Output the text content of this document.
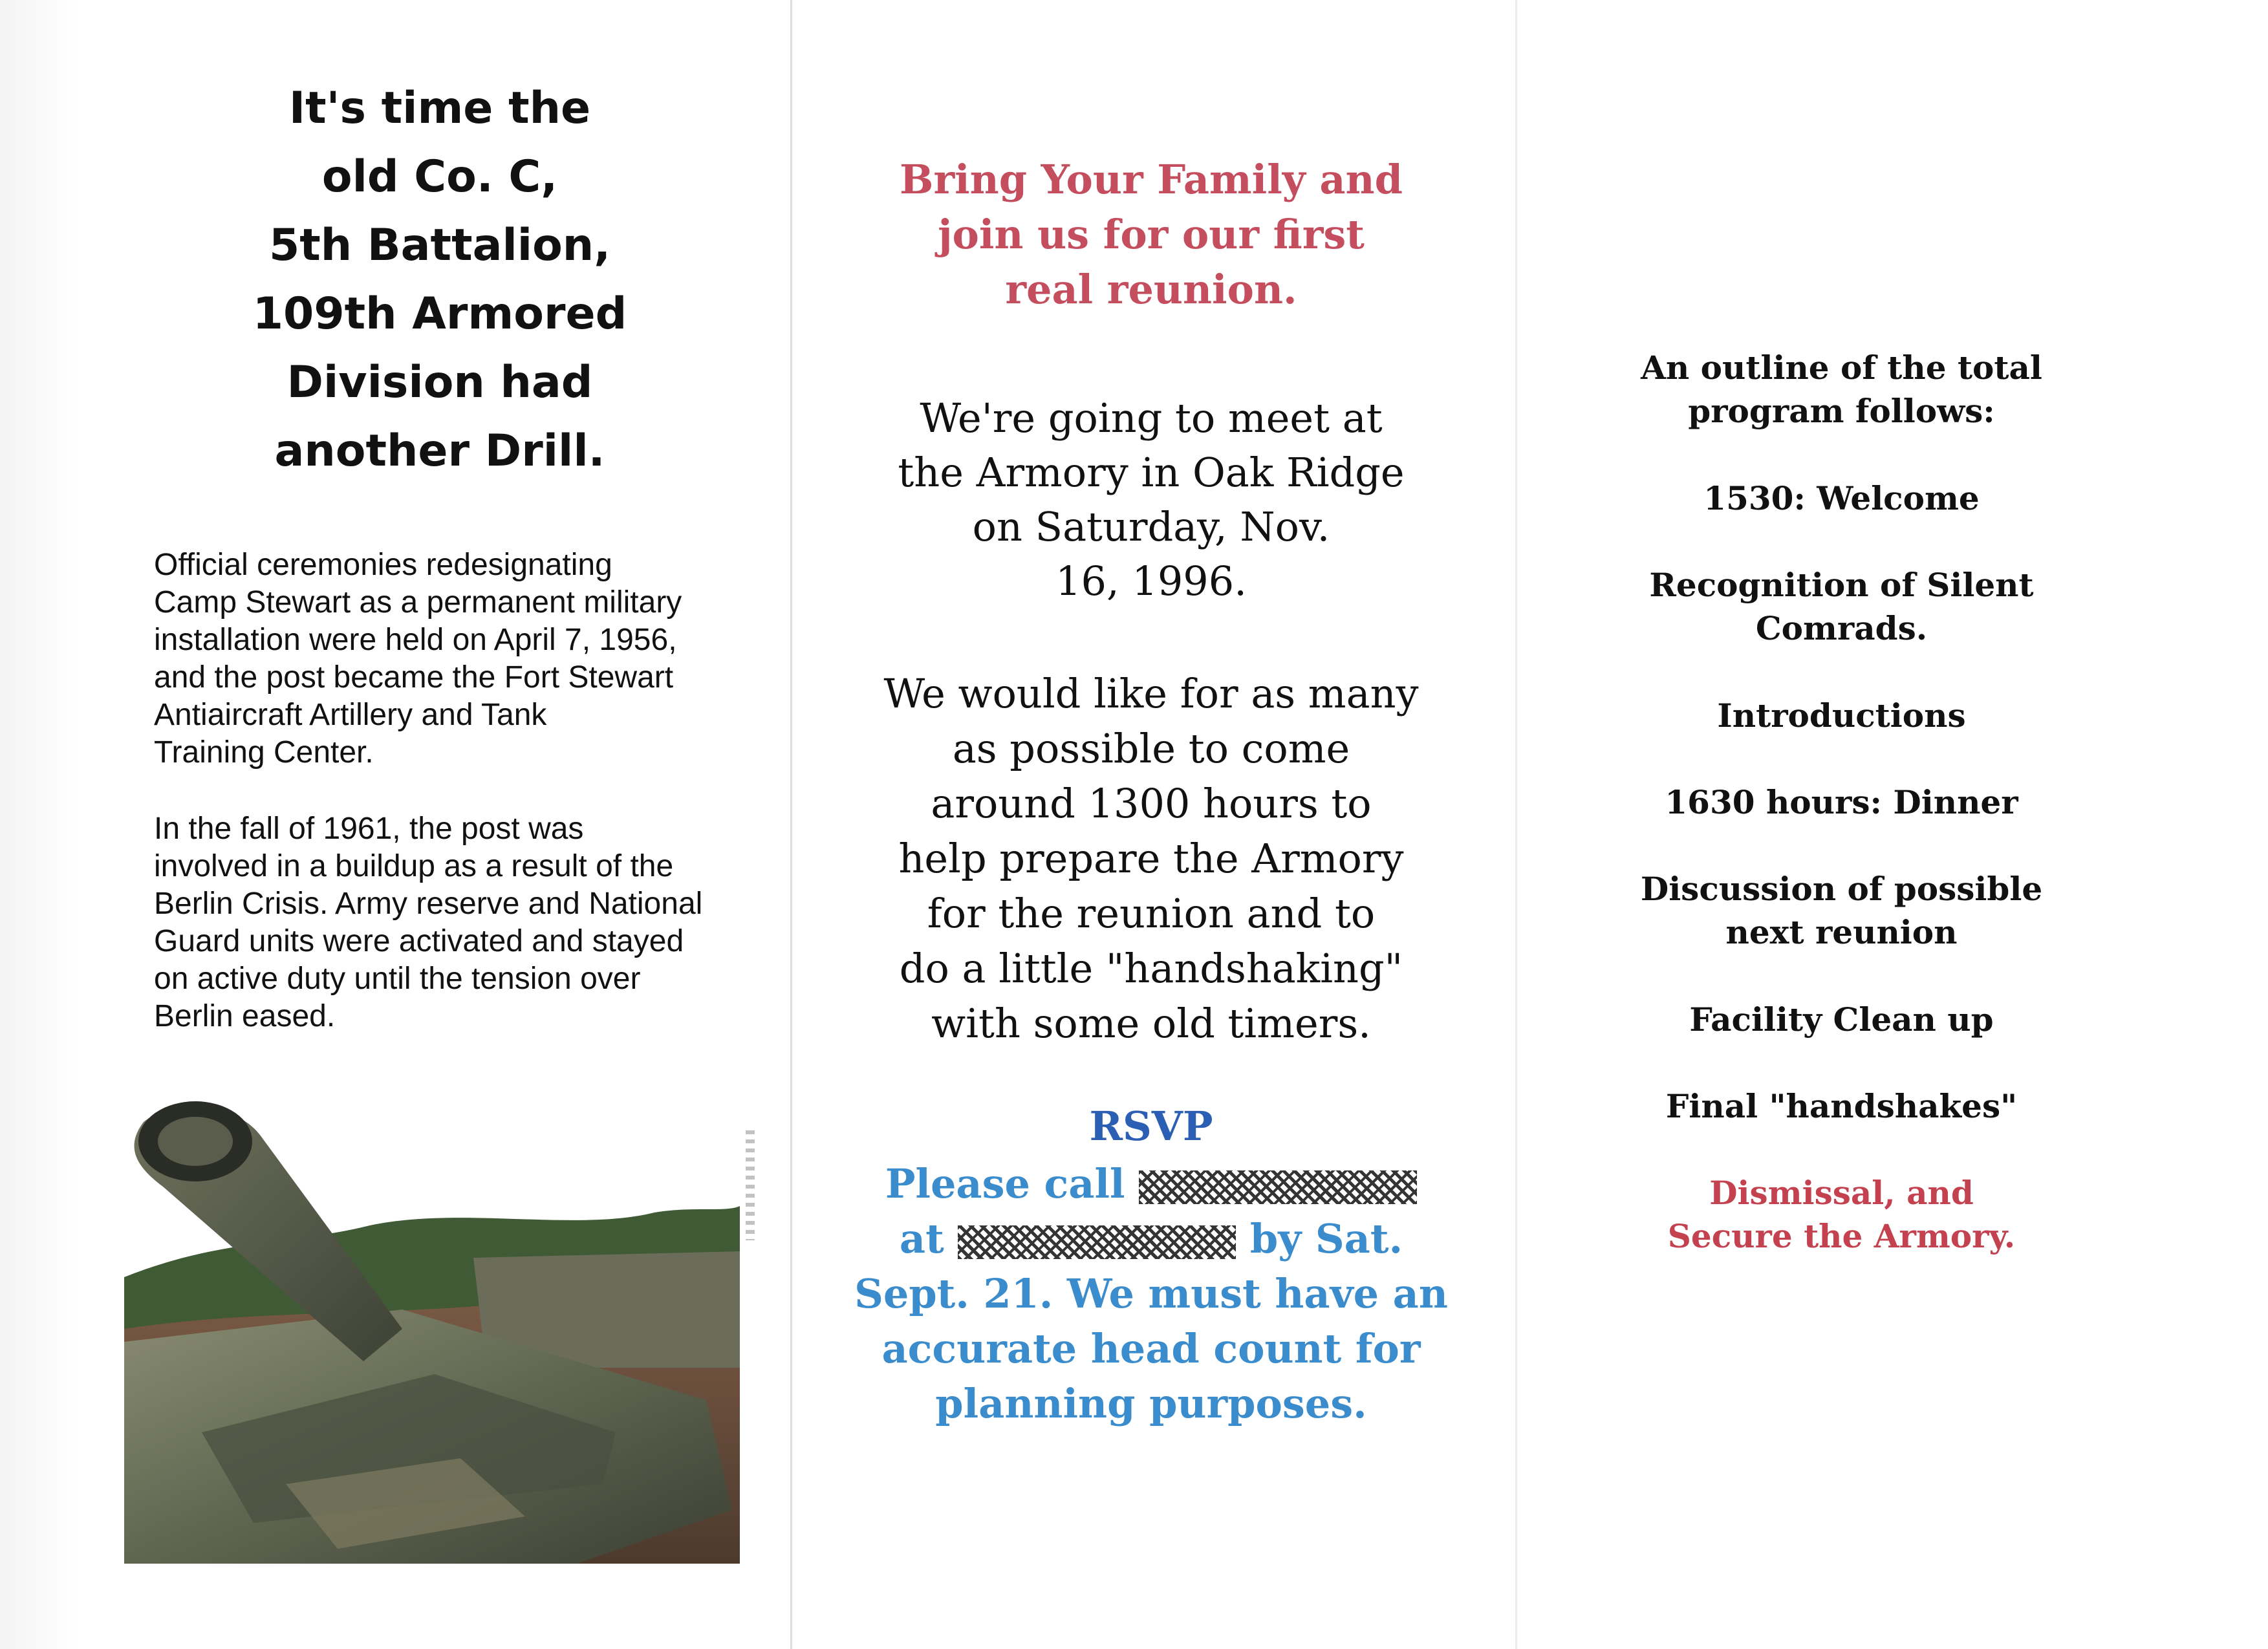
It's time the
old Co. C,
5th Battalion,
109th Armored
Division had
another Drill.
Official ceremonies redesignating
Camp Stewart as a permanent military
installation were held on April 7, 1956,
and the post became the Fort Stewart
Antiaircraft Artillery and Tank
Training Center.
In the fall of 1961, the post was
involved in a buildup as a result of the
Berlin Crisis. Army reserve and National
Guard units were activated and stayed
on active duty until the tension over
Berlin eased.
Bring Your Family and
join us for our first
real reunion.
We're going to meet at
the Armory in Oak Ridge
on Saturday, Nov.
16, 1996.
We would like for as many
as possible to come
around 1300 hours to
help prepare the Armory
for the reunion and to
do a little "handshaking"
with some old timers.
RSVP
Please call
at	by Sat.
Sept. 21. We must have an
accurate head count for
planning purposes.
An outline of the total
program follows:
1530: Welcome
Recognition of Silent
Comrads.
Introductions
1630 hours: Dinner
Discussion of possible
next reunion
Facility Clean up
Final "handshakes"
Dismissal, and
Secure the Armory.
